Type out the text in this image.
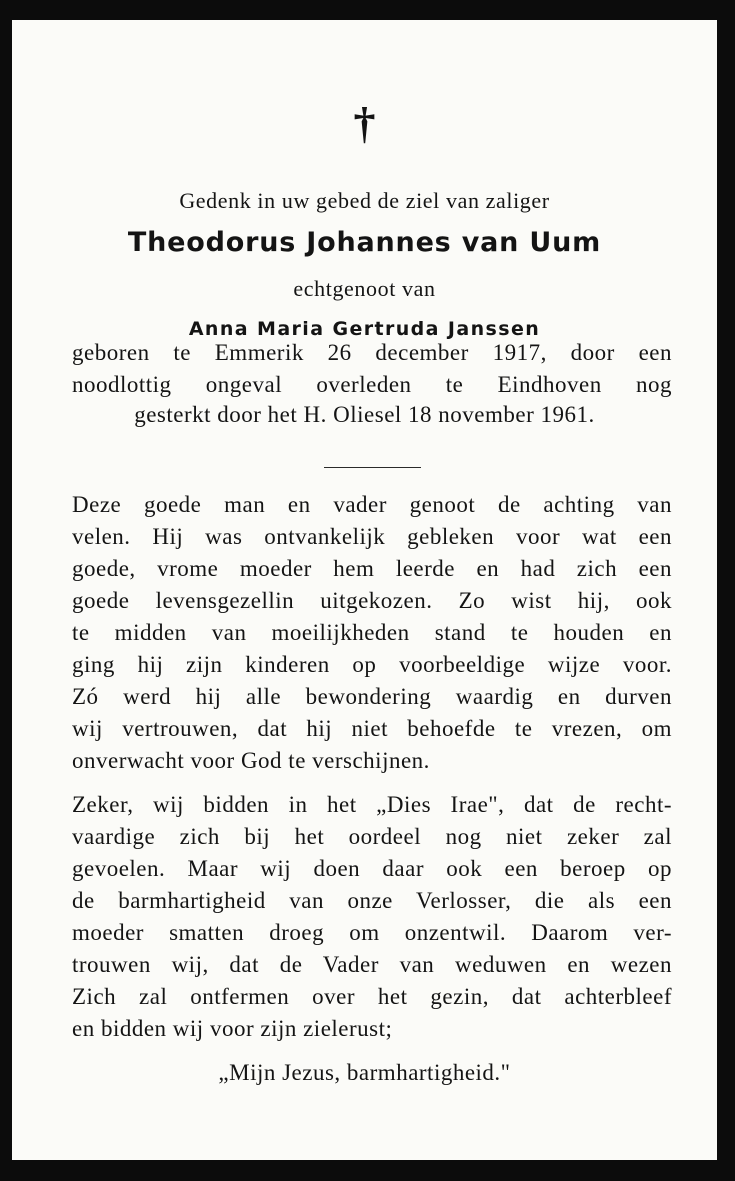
†
Gedenk in uw gebed de ziel van zaliger
Theodorus Johannes van Uum
echtgenoot van
Anna Maria Gertruda Janssen
geboren te Emmerik 26 december 1917, door een
noodlottig ongeval overleden te Eindhoven nog
gesterkt door het H. Oliesel 18 november 1961.
Deze goede man en vader genoot de achting van
velen. Hij was ontvankelijk gebleken voor wat een
goede, vrome moeder hem leerde en had zich een
goede levensgezellin uitgekozen. Zo wist hij, ook
te midden van moeilijkheden stand te houden en
ging hij zijn kinderen op voorbeeldige wijze voor.
Zó werd hij alle bewondering waardig en durven
wij vertrouwen, dat hij niet behoefde te vrezen, om
onverwacht voor God te verschijnen.
Zeker, wij bidden in het „Dies Irae", dat de recht-
vaardige zich bij het oordeel nog niet zeker zal
gevoelen. Maar wij doen daar ook een beroep op
de barmhartigheid van onze Verlosser, die als een
moeder smatten droeg om onzentwil. Daarom ver-
trouwen wij, dat de Vader van weduwen en wezen
Zich zal ontfermen over het gezin, dat achterbleef
en bidden wij voor zijn zielerust;
„Mijn Jezus, barmhartigheid."
